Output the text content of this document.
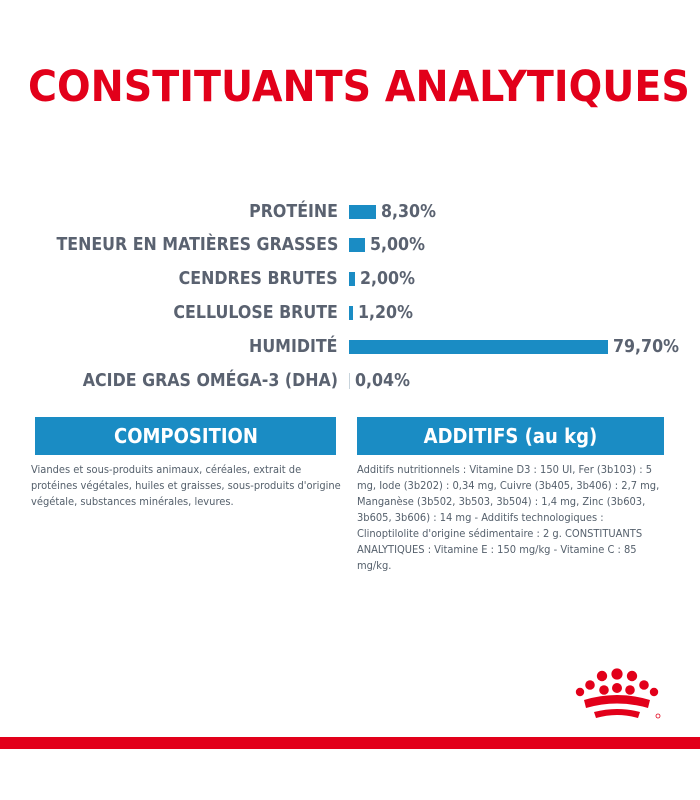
CONSTITUANTS ANALYTIQUES
PROTÉINE 8,30%
TENEUR EN MATIÈRES GRASSES 5,00%
CENDRES BRUTES 2,00%
CELLULOSE BRUTE 1,20%
HUMIDITÉ	79,70%
ACIDE GRAS OMÉGA-3 (DHA) 0,04%
COMPOSITION	ADDITIFS (au kg)
Viandes et sous-produits animaux, céréales, extrait de protéines végétales, huiles et graisses, sous-produits d'origine végétale, substances minérales, levures.
Additifs nutritionnels : Vitamine D3 : 150 UI, Fer (3b103) : 5 mg, Iode (3b202) : 0,34 mg, Cuivre (3b405, 3b406) : 2,7 mg, Manganèse (3b502, 3b503, 3b504) : 1,4 mg, Zinc (3b603, 3b605, 3b606) : 14 mg - Additifs technologiques : Clinoptilolite d'origine sédimentaire : 2 g. CONSTITUANTS ANALYTIQUES : Vitamine E : 150 mg/kg - Vitamine C : 85 mg/kg.
